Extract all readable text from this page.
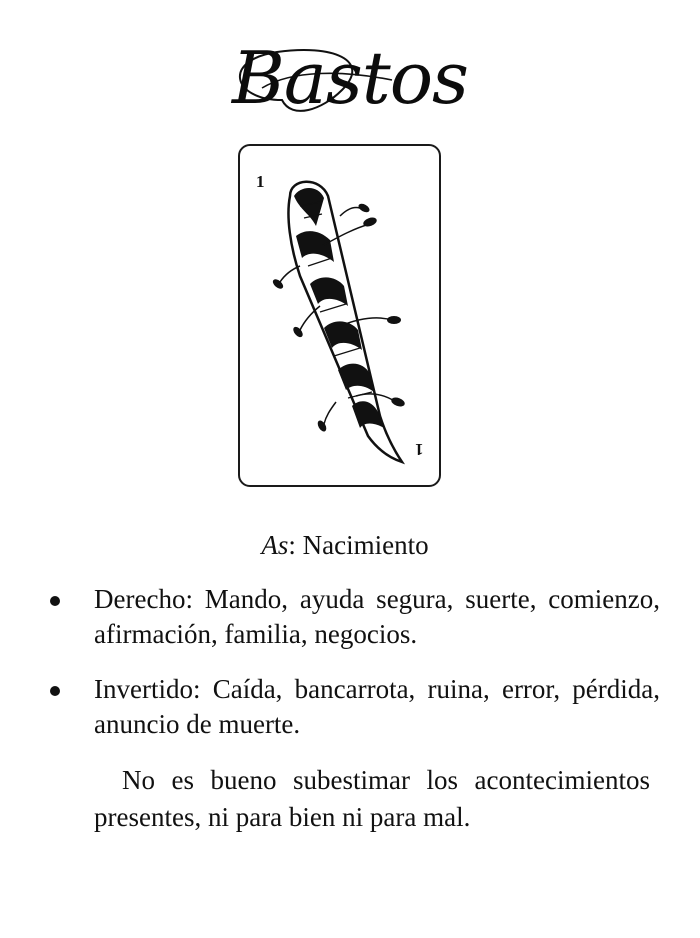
Bastos
1
1
As: Nacimiento
Derecho: Mando, ayuda segura, suerte, comienzo, afirmación, familia, negocios.
Invertido: Caída, bancarrota, ruina, error, pérdida, anuncio de muerte.

No es bueno subestimar los acontecimientos presentes, ni para bien ni para mal.
